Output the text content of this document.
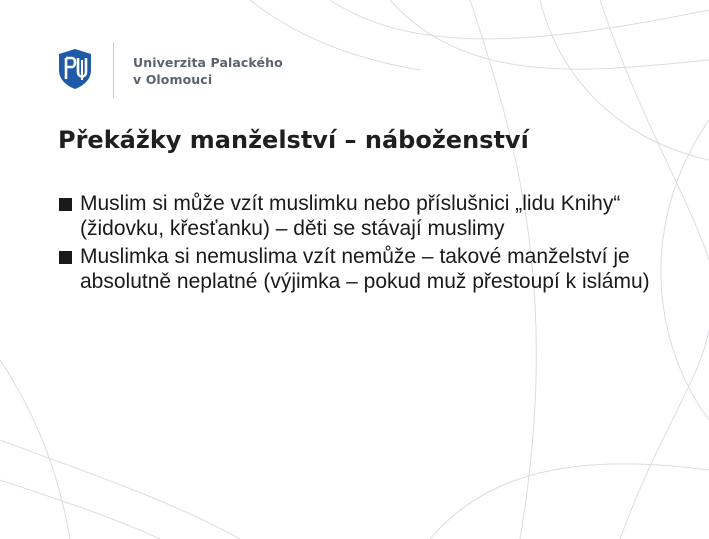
Univerzita Palackého
v Olomouci
Překážky manželství – náboženství
Muslim si může vzít muslimku nebo příslušnici „lidu Knihy“ (židovku, křesťanku) – děti se stávají muslimy
Muslimka si nemuslima vzít nemůže – takové manželství je absolutně neplatné (výjimka – pokud muž přestoupí k islámu)
